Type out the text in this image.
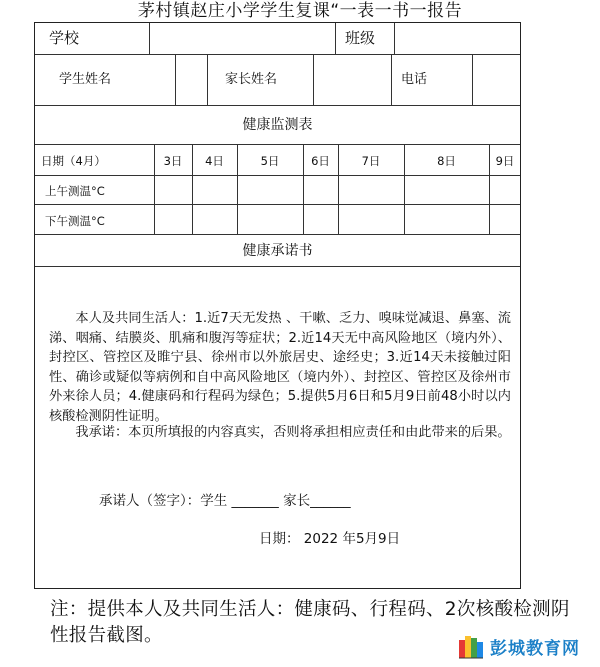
茅村镇赵庄小学学生复课“一表一书一报告
学校	班级
学生姓名	家长姓名	电话
健康监测表
日期（4月）	3日	4日	5日	6日	7日	8日	9日
上午测温°C
下午测温°C
健康承诺书
本人及共同生活人：1.近7天无发热 、干嗽、乏力、嗅味觉减退、鼻塞、流涕、咽痛、结膜炎、肌痛和腹泻等症状；2.近14天无中高风险地区（境内外）、封控区、管控区及睢宁县、徐州市以外旅居史、途经史；3.近14天未接触过阳性、确诊或疑似等病例和自中高风险地区（境内外）、封控区、管控区及徐州市外来徐人员；4.健康码和行程码为绿色；5.提供5月6日和5月9日前48小时以内核酸检测阴性证明。
我承诺：本页所填报的内容真实，否则将承担相应责任和由此带来的后果。
承诺人（签字）：学生 _______ 家长______
日期： 2022 年5月9日
注：提供本人及共同生活人：健康码、行程码、2次核酸检测阴性报告截图。
彭城教育网
